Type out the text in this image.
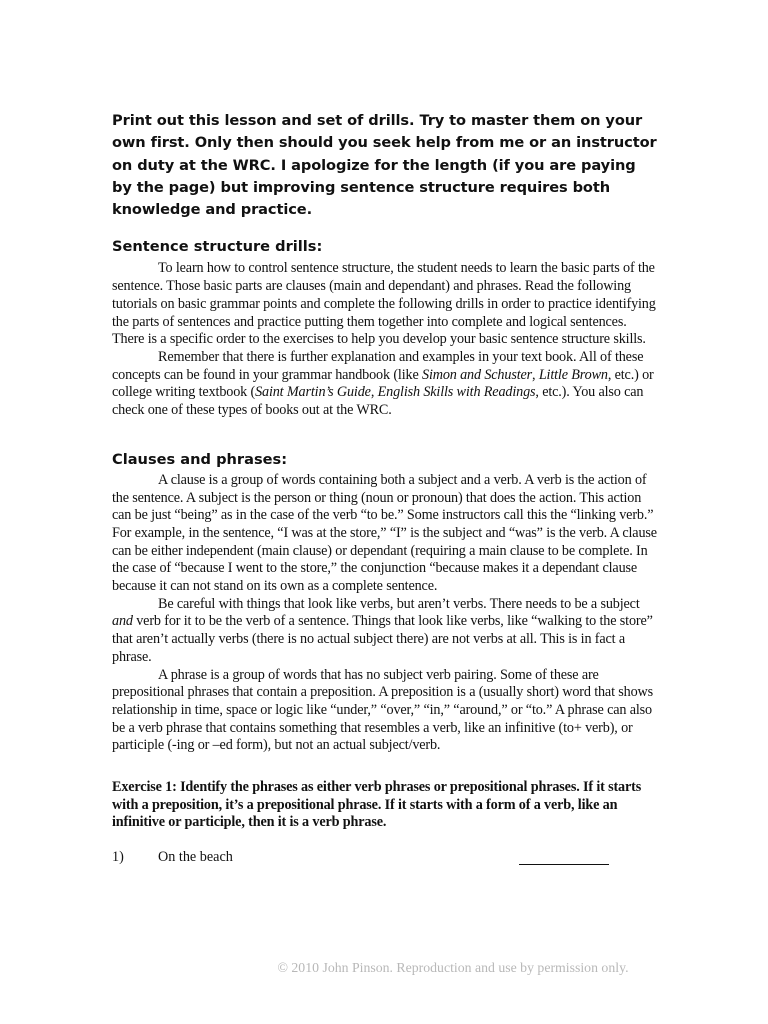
Print out this lesson and set of drills. Try to master them on your own first. Only then should you seek help from me or an instructor on duty at the WRC. I apologize for the length (if you are paying by the page) but improving sentence structure requires both knowledge and practice.

Sentence structure drills:

To learn how to control sentence structure, the student needs to learn the basic parts of the sentence. Those basic parts are clauses (main and dependant) and phrases. Read the following tutorials on basic grammar points and complete the following drills in order to practice identifying the parts of sentences and practice putting them together into complete and logical sentences. There is a specific order to the exercises to help you develop your basic sentence structure skills.

Remember that there is further explanation and examples in your text book. All of these concepts can be found in your grammar handbook (like Simon and Schuster, Little Brown, etc.) or college writing textbook (Saint Martin’s Guide, English Skills with Readings, etc.). You also can check one of these types of books out at the WRC.

Clauses and phrases:

A clause is a group of words containing both a subject and a verb. A verb is the action of the sentence. A subject is the person or thing (noun or pronoun) that does the action. This action can be just “being” as in the case of the verb “to be.” Some instructors call this the “linking verb.” For example, in the sentence, “I was at the store,” “I” is the subject and “was” is the verb. A clause can be either independent (main clause) or dependant (requiring a main clause to be complete. In the case of “because I went to the store,” the conjunction “because makes it a dependant clause because it can not stand on its own as a complete sentence.

Be careful with things that look like verbs, but aren’t verbs. There needs to be a subject and verb for it to be the verb of a sentence. Things that look like verbs, like “walking to the store” that aren’t actually verbs (there is no actual subject there) are not verbs at all. This is in fact a phrase.

A phrase is a group of words that has no subject verb pairing. Some of these are prepositional phrases that contain a preposition. A preposition is a (usually short) word that shows relationship in time, space or logic like “under,” “over,” “in,” “around,” or “to.” A phrase can also be a verb phrase that contains something that resembles a verb, like an infinitive (to+ verb), or participle (-ing or –ed form), but not an actual subject/verb.

Exercise 1: Identify the phrases as either verb phrases or prepositional phrases. If it starts with a preposition, it’s a prepositional phrase. If it starts with a form of a verb, like an infinitive or participle, then it is a verb phrase.

1) On the beach
© 2010 John Pinson. Reproduction and use by permission only.
